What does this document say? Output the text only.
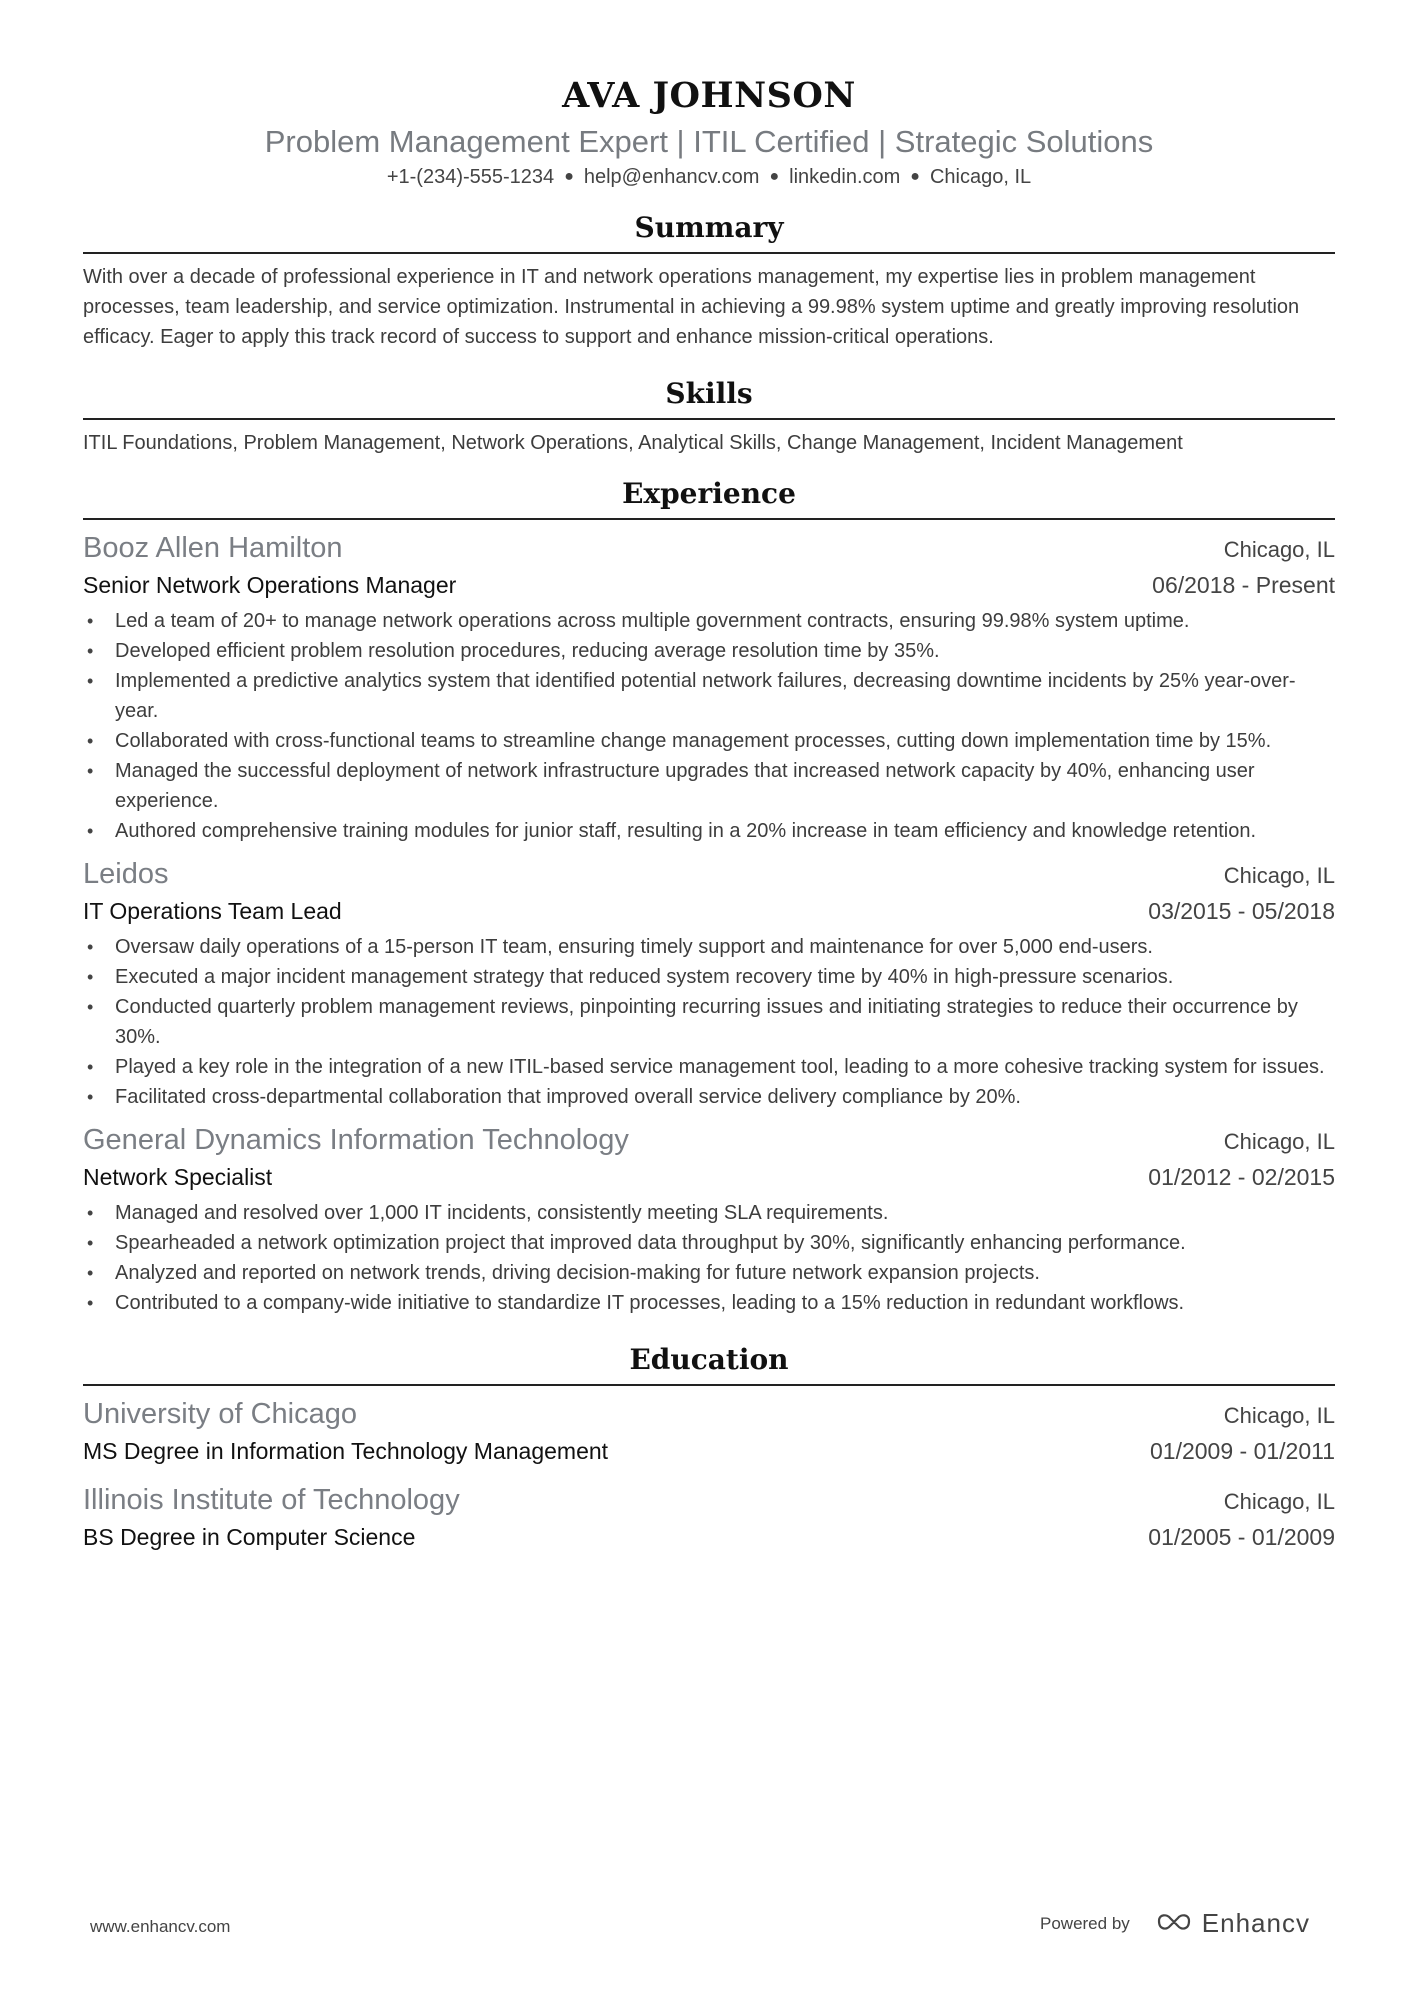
AVA JOHNSON
Problem Management Expert | ITIL Certified | Strategic Solutions
+1-(234)-555-1234 ● help@enhancv.com ● linkedin.com ● Chicago, IL
Summary
With over a decade of professional experience in IT and network operations management, my expertise lies in problem management processes, team leadership, and service optimization. Instrumental in achieving a 99.98% system uptime and greatly improving resolution efficacy. Eager to apply this track record of success to support and enhance mission-critical operations.
Skills
ITIL Foundations, Problem Management, Network Operations, Analytical Skills, Change Management, Incident Management
Experience
Booz Allen Hamilton	Chicago, IL
Senior Network Operations Manager	06/2018 - Present
• Led a team of 20+ to manage network operations across multiple government contracts, ensuring 99.98% system uptime.
• Developed efficient problem resolution procedures, reducing average resolution time by 35%.
• Implemented a predictive analytics system that identified potential network failures, decreasing downtime incidents by 25% year-over-year.
• Collaborated with cross-functional teams to streamline change management processes, cutting down implementation time by 15%.
• Managed the successful deployment of network infrastructure upgrades that increased network capacity by 40%, enhancing user experience.
• Authored comprehensive training modules for junior staff, resulting in a 20% increase in team efficiency and knowledge retention.
Leidos	Chicago, IL
IT Operations Team Lead	03/2015 - 05/2018
• Oversaw daily operations of a 15-person IT team, ensuring timely support and maintenance for over 5,000 end-users.
• Executed a major incident management strategy that reduced system recovery time by 40% in high-pressure scenarios.
• Conducted quarterly problem management reviews, pinpointing recurring issues and initiating strategies to reduce their occurrence by 30%.
• Played a key role in the integration of a new ITIL-based service management tool, leading to a more cohesive tracking system for issues.
• Facilitated cross-departmental collaboration that improved overall service delivery compliance by 20%.
General Dynamics Information Technology	Chicago, IL
Network Specialist	01/2012 - 02/2015
• Managed and resolved over 1,000 IT incidents, consistently meeting SLA requirements.
• Spearheaded a network optimization project that improved data throughput by 30%, significantly enhancing performance.
• Analyzed and reported on network trends, driving decision-making for future network expansion projects.
• Contributed to a company-wide initiative to standardize IT processes, leading to a 15% reduction in redundant workflows.
Education
University of Chicago	Chicago, IL
MS Degree in Information Technology Management	01/2009 - 01/2011
Illinois Institute of Technology	Chicago, IL
BS Degree in Computer Science	01/2005 - 01/2009
www.enhancv.com	Powered by	Enhancv
